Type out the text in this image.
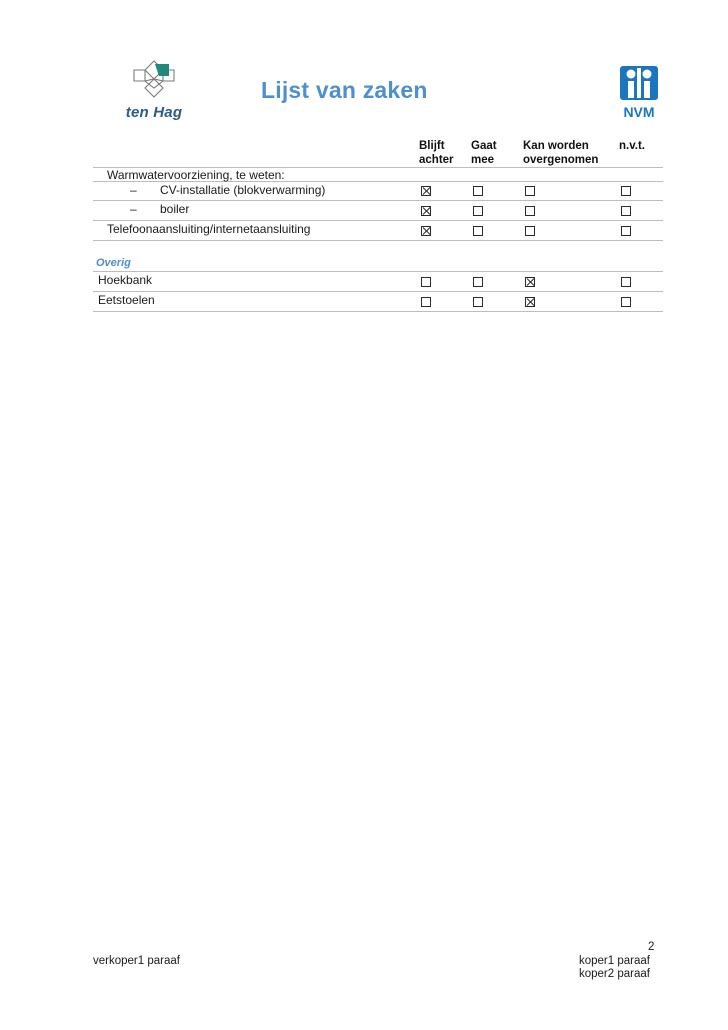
ten Hag
Lijst van zaken
NVM
Blijft
achter
Gaat
mee
Kan worden
overgenomen
n.v.t.
Warmwatervoorziening, te weten:
– CV-installatie (blokverwarming)
– boiler
Telefoonaansluiting/internetaansluiting
Overig
Hoekbank
Eetstoelen
2
verkoper1 paraaf	koper1 paraaf
koper2 paraaf
